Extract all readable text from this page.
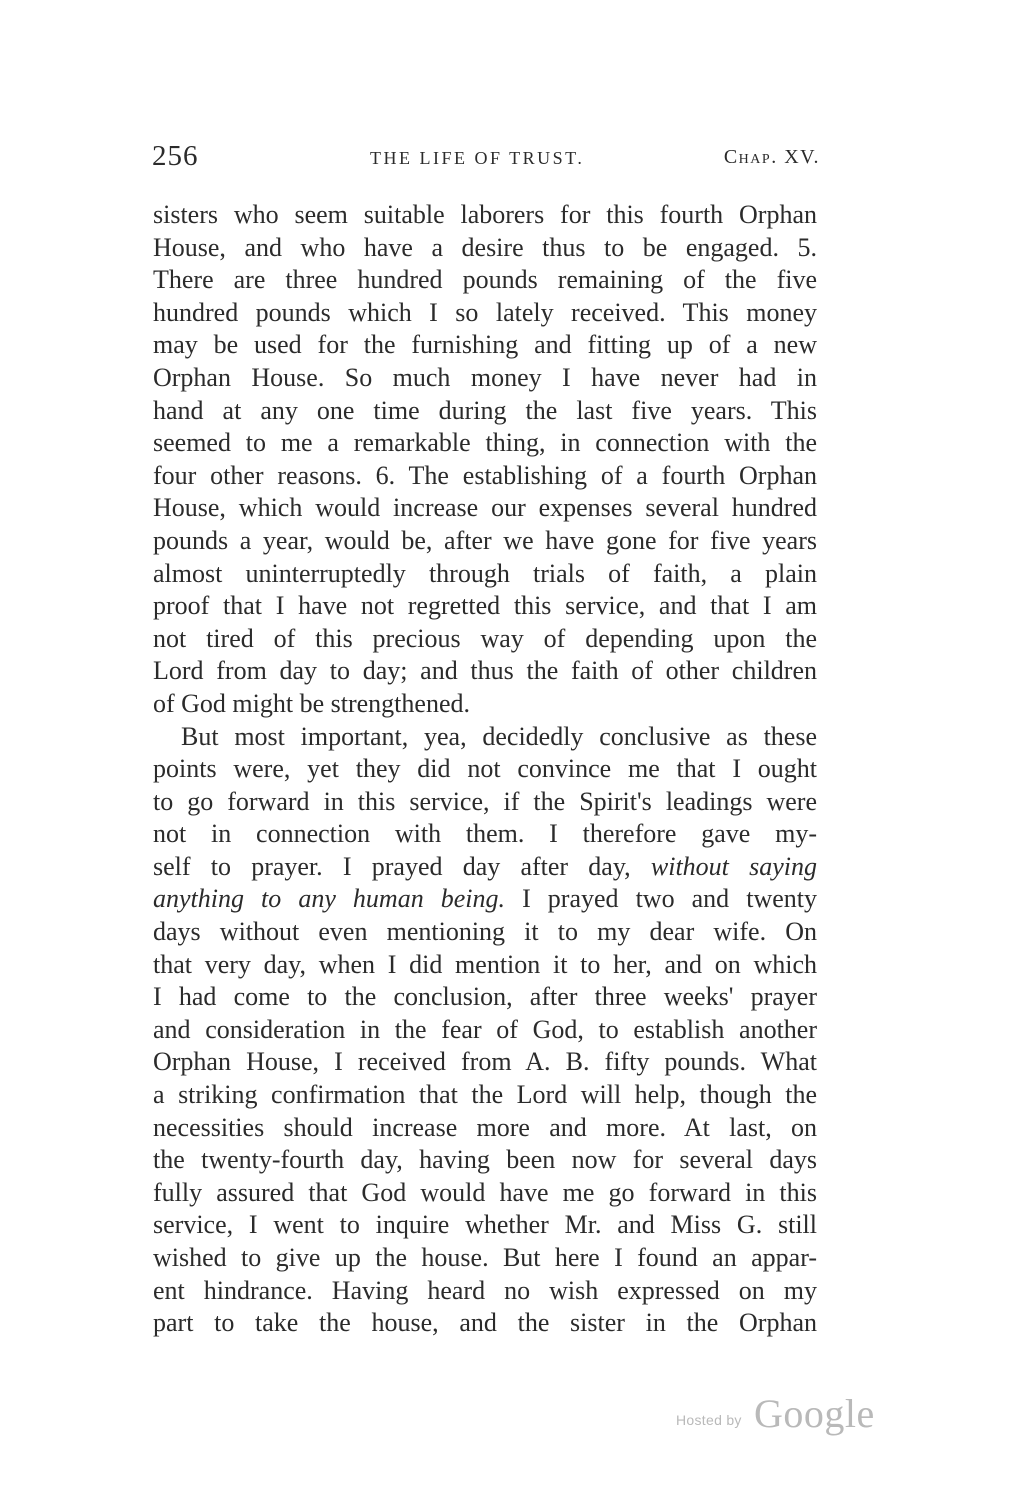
256	THE LIFE OF TRUST.	Chap. XV.
sisters who seem suitable laborers for this fourth Orphan
House, and who have a desire thus to be engaged. 5.
There are three hundred pounds remaining of the five
hundred pounds which I so lately received. This money
may be used for the furnishing and fitting up of a new
Orphan House. So much money I have never had in
hand at any one time during the last five years. This
seemed to me a remarkable thing, in connection with the
four other reasons. 6. The establishing of a fourth Orphan
House, which would increase our expenses several hundred
pounds a year, would be, after we have gone for five years
almost uninterruptedly through trials of faith, a plain
proof that I have not regretted this service, and that I am
not tired of this precious way of depending upon the
Lord from day to day; and thus the faith of other children
of God might be strengthened.
But most important, yea, decidedly conclusive as these
points were, yet they did not convince me that I ought
to go forward in this service, if the Spirit's leadings were
not in connection with them. I therefore gave my-
self to prayer. I prayed day after day, without saying
anything to any human being. I prayed two and twenty
days without even mentioning it to my dear wife. On
that very day, when I did mention it to her, and on which
I had come to the conclusion, after three weeks' prayer
and consideration in the fear of God, to establish another
Orphan House, I received from A. B. fifty pounds. What
a striking confirmation that the Lord will help, though the
necessities should increase more and more. At last, on
the twenty-fourth day, having been now for several days
fully assured that God would have me go forward in this
service, I went to inquire whether Mr. and Miss G. still
wished to give up the house. But here I found an appar-
ent hindrance. Having heard no wish expressed on my
part to take the house, and the sister in the Orphan
Hosted by Google
